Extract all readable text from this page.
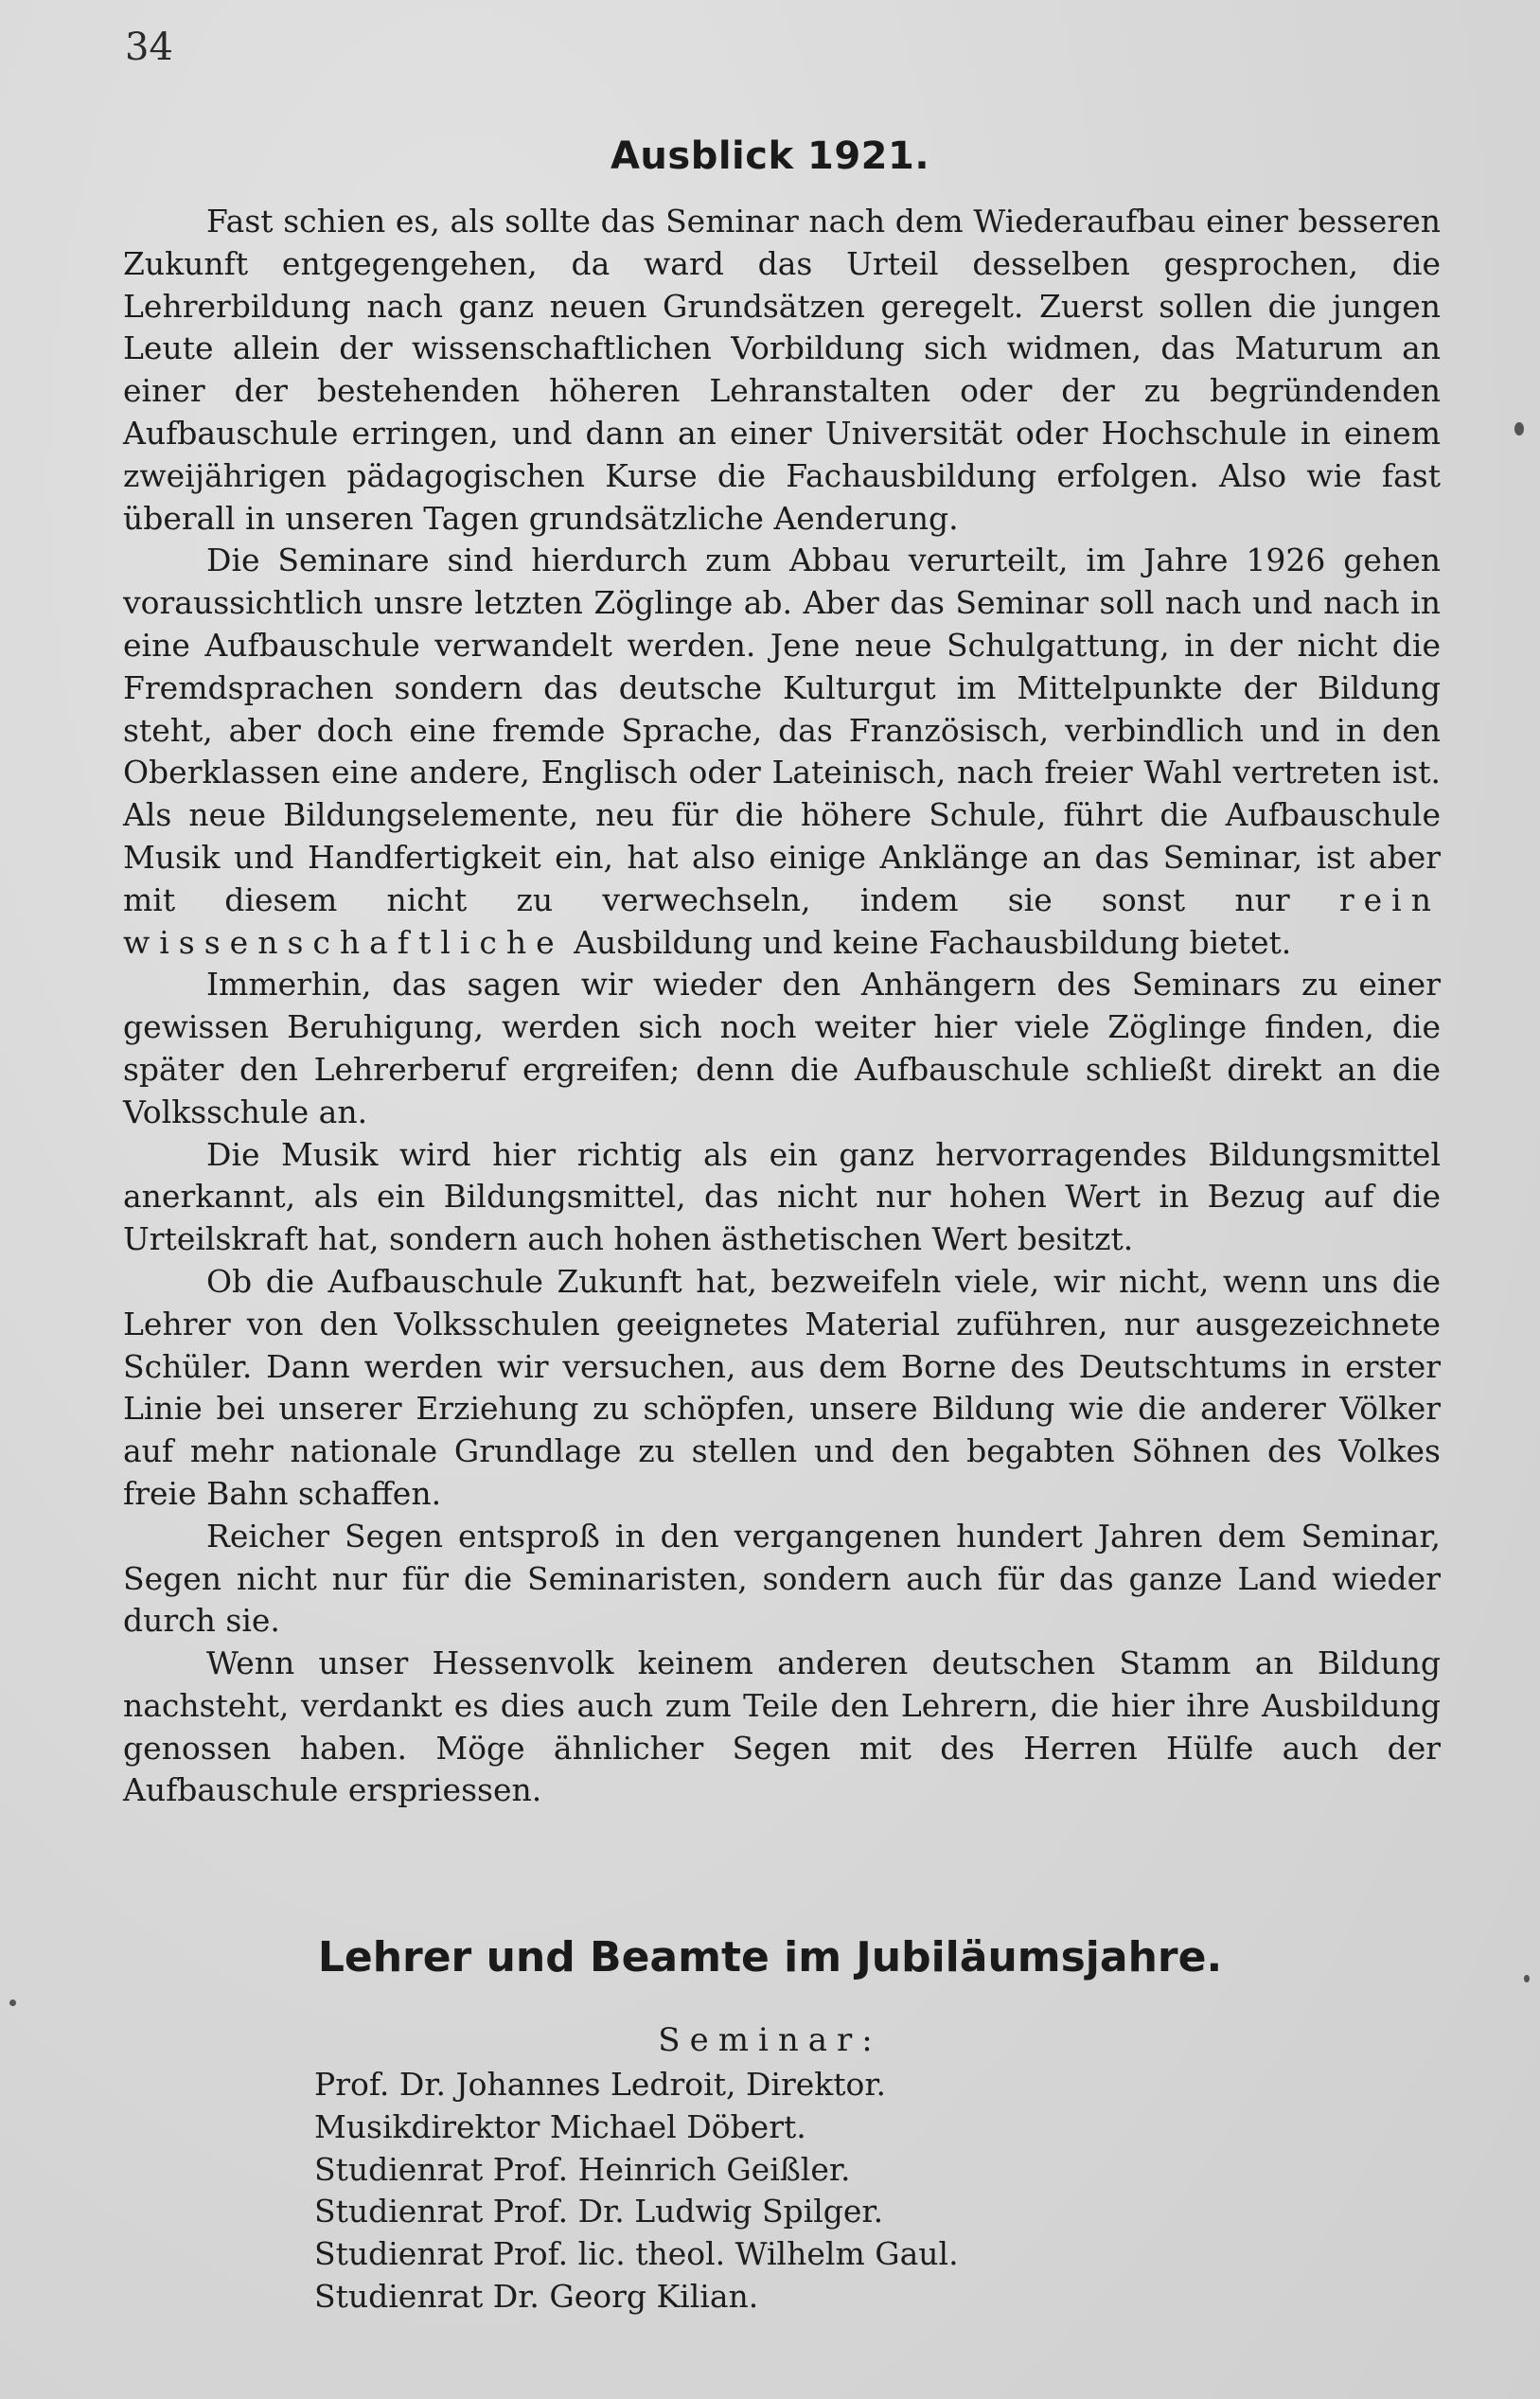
34
Ausblick 1921.

Fast schien es, als sollte das Seminar nach dem Wiederaufbau einer besseren Zukunft entgegengehen, da ward das Urteil desselben gesprochen, die Lehrerbildung nach ganz neuen Grundsätzen geregelt. Zuerst sollen die jungen Leute allein der wissenschaftlichen Vorbildung sich widmen, das Maturum an einer der bestehenden höheren Lehranstalten oder der zu begründenden Aufbauschule erringen, und dann an einer Universität oder Hochschule in einem zweijährigen pädagogischen Kurse die Fachausbildung erfolgen. Also wie fast überall in unseren Tagen grundsätzliche Aenderung.

Die Seminare sind hierdurch zum Abbau verurteilt, im Jahre 1926 gehen voraussichtlich unsre letzten Zöglinge ab. Aber das Seminar soll nach und nach in eine Aufbauschule verwandelt werden. Jene neue Schulgattung, in der nicht die Fremdsprachen sondern das deutsche Kulturgut im Mittelpunkte der Bildung steht, aber doch eine fremde Sprache, das Französisch, verbindlich und in den Oberklassen eine andere, Englisch oder Lateinisch, nach freier Wahl vertreten ist. Als neue Bildungselemente, neu für die höhere Schule, führt die Aufbauschule Musik und Handfertigkeit ein, hat also einige Anklänge an das Seminar, ist aber mit diesem nicht zu verwechseln, indem sie sonst nur rein wissenschaftliche Ausbildung und keine Fachausbildung bietet.

Immerhin, das sagen wir wieder den Anhängern des Seminars zu einer gewissen Beruhigung, werden sich noch weiter hier viele Zöglinge finden, die später den Lehrerberuf ergreifen; denn die Aufbauschule schließt direkt an die Volksschule an.

Die Musik wird hier richtig als ein ganz hervorragendes Bildungsmittel anerkannt, als ein Bildungsmittel, das nicht nur hohen Wert in Bezug auf die Urteilskraft hat, sondern auch hohen ästhetischen Wert besitzt.

Ob die Aufbauschule Zukunft hat, bezweifeln viele, wir nicht, wenn uns die Lehrer von den Volksschulen geeignetes Material zuführen, nur ausgezeichnete Schüler. Dann werden wir versuchen, aus dem Borne des Deutschtums in erster Linie bei unserer Erziehung zu schöpfen, unsere Bildung wie die anderer Völker auf mehr nationale Grundlage zu stellen und den begabten Söhnen des Volkes freie Bahn schaffen.

Reicher Segen entsproß in den vergangenen hundert Jahren dem Seminar, Segen nicht nur für die Seminaristen, sondern auch für das ganze Land wieder durch sie.

Wenn unser Hessenvolk keinem anderen deutschen Stamm an Bildung nachsteht, verdankt es dies auch zum Teile den Lehrern, die hier ihre Ausbildung genossen haben. Möge ähnlicher Segen mit des Herren Hülfe auch der Aufbauschule erspriessen.

Lehrer und Beamte im Jubiläumsjahre.
Seminar:
Prof. Dr. Johannes Ledroit, Direktor.
Musikdirektor Michael Döbert.
Studienrat Prof. Heinrich Geißler.
Studienrat Prof. Dr. Ludwig Spilger.
Studienrat Prof. lic. theol. Wilhelm Gaul.
Studienrat Dr. Georg Kilian.
